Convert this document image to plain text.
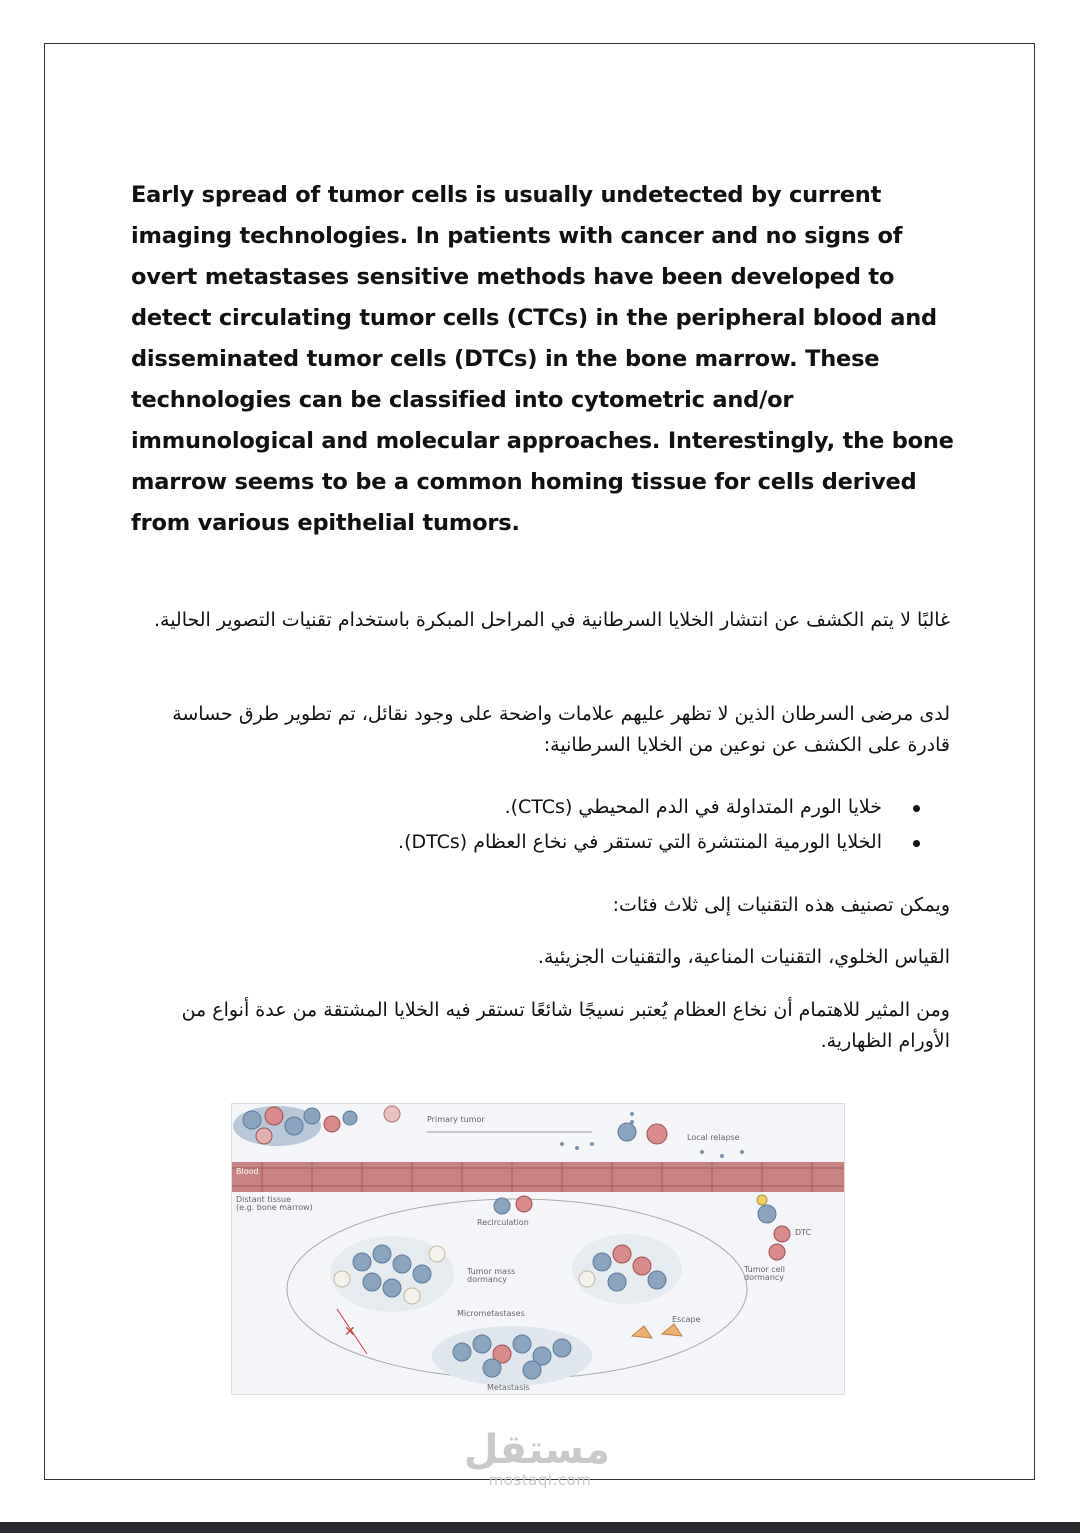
Early spread of tumor cells is usually undetected by current imaging technologies. In patients with cancer and no signs of overt metastases sensitive methods have been developed to detect circulating tumor cells (CTCs) in the peripheral blood and disseminated tumor cells (DTCs) in the bone marrow. These technologies can be classified into cytometric and/or immunological and molecular approaches. Interestingly, the bone marrow seems to be a common homing tissue for cells derived from various epithelial tumors.

غالبًا لا يتم الكشف عن انتشار الخلايا السرطانية في المراحل المبكرة باستخدام تقنيات التصوير الحالية.

لدى مرضى السرطان الذين لا تظهر عليهم علامات واضحة على وجود نقائل، تم تطوير طرق حساسة قادرة على الكشف عن نوعين من الخلايا السرطانية:

خلايا الورم المتداولة في الدم المحيطي (CTCs).
الخلايا الورمية المنتشرة التي تستقر في نخاع العظام (DTCs).

ويمكن تصنيف هذه التقنيات إلى ثلاث فئات:

القياس الخلوي، التقنيات المناعية، والتقنيات الجزيئية.

ومن المثير للاهتمام أن نخاع العظام يُعتبر نسيجًا شائعًا تستقر فيه الخلايا المشتقة من عدة أنواع من الأورام الظهارية.

Primary tumor
Local relapse
Blood
Distant tissue
(e.g. bone marrow)
Recirculation
DTC
Tumor cell
dormancy
Tumor mass
dormancy
Micrometastases
Escape
✕
Metastasis
مستقل
mostaql.com
